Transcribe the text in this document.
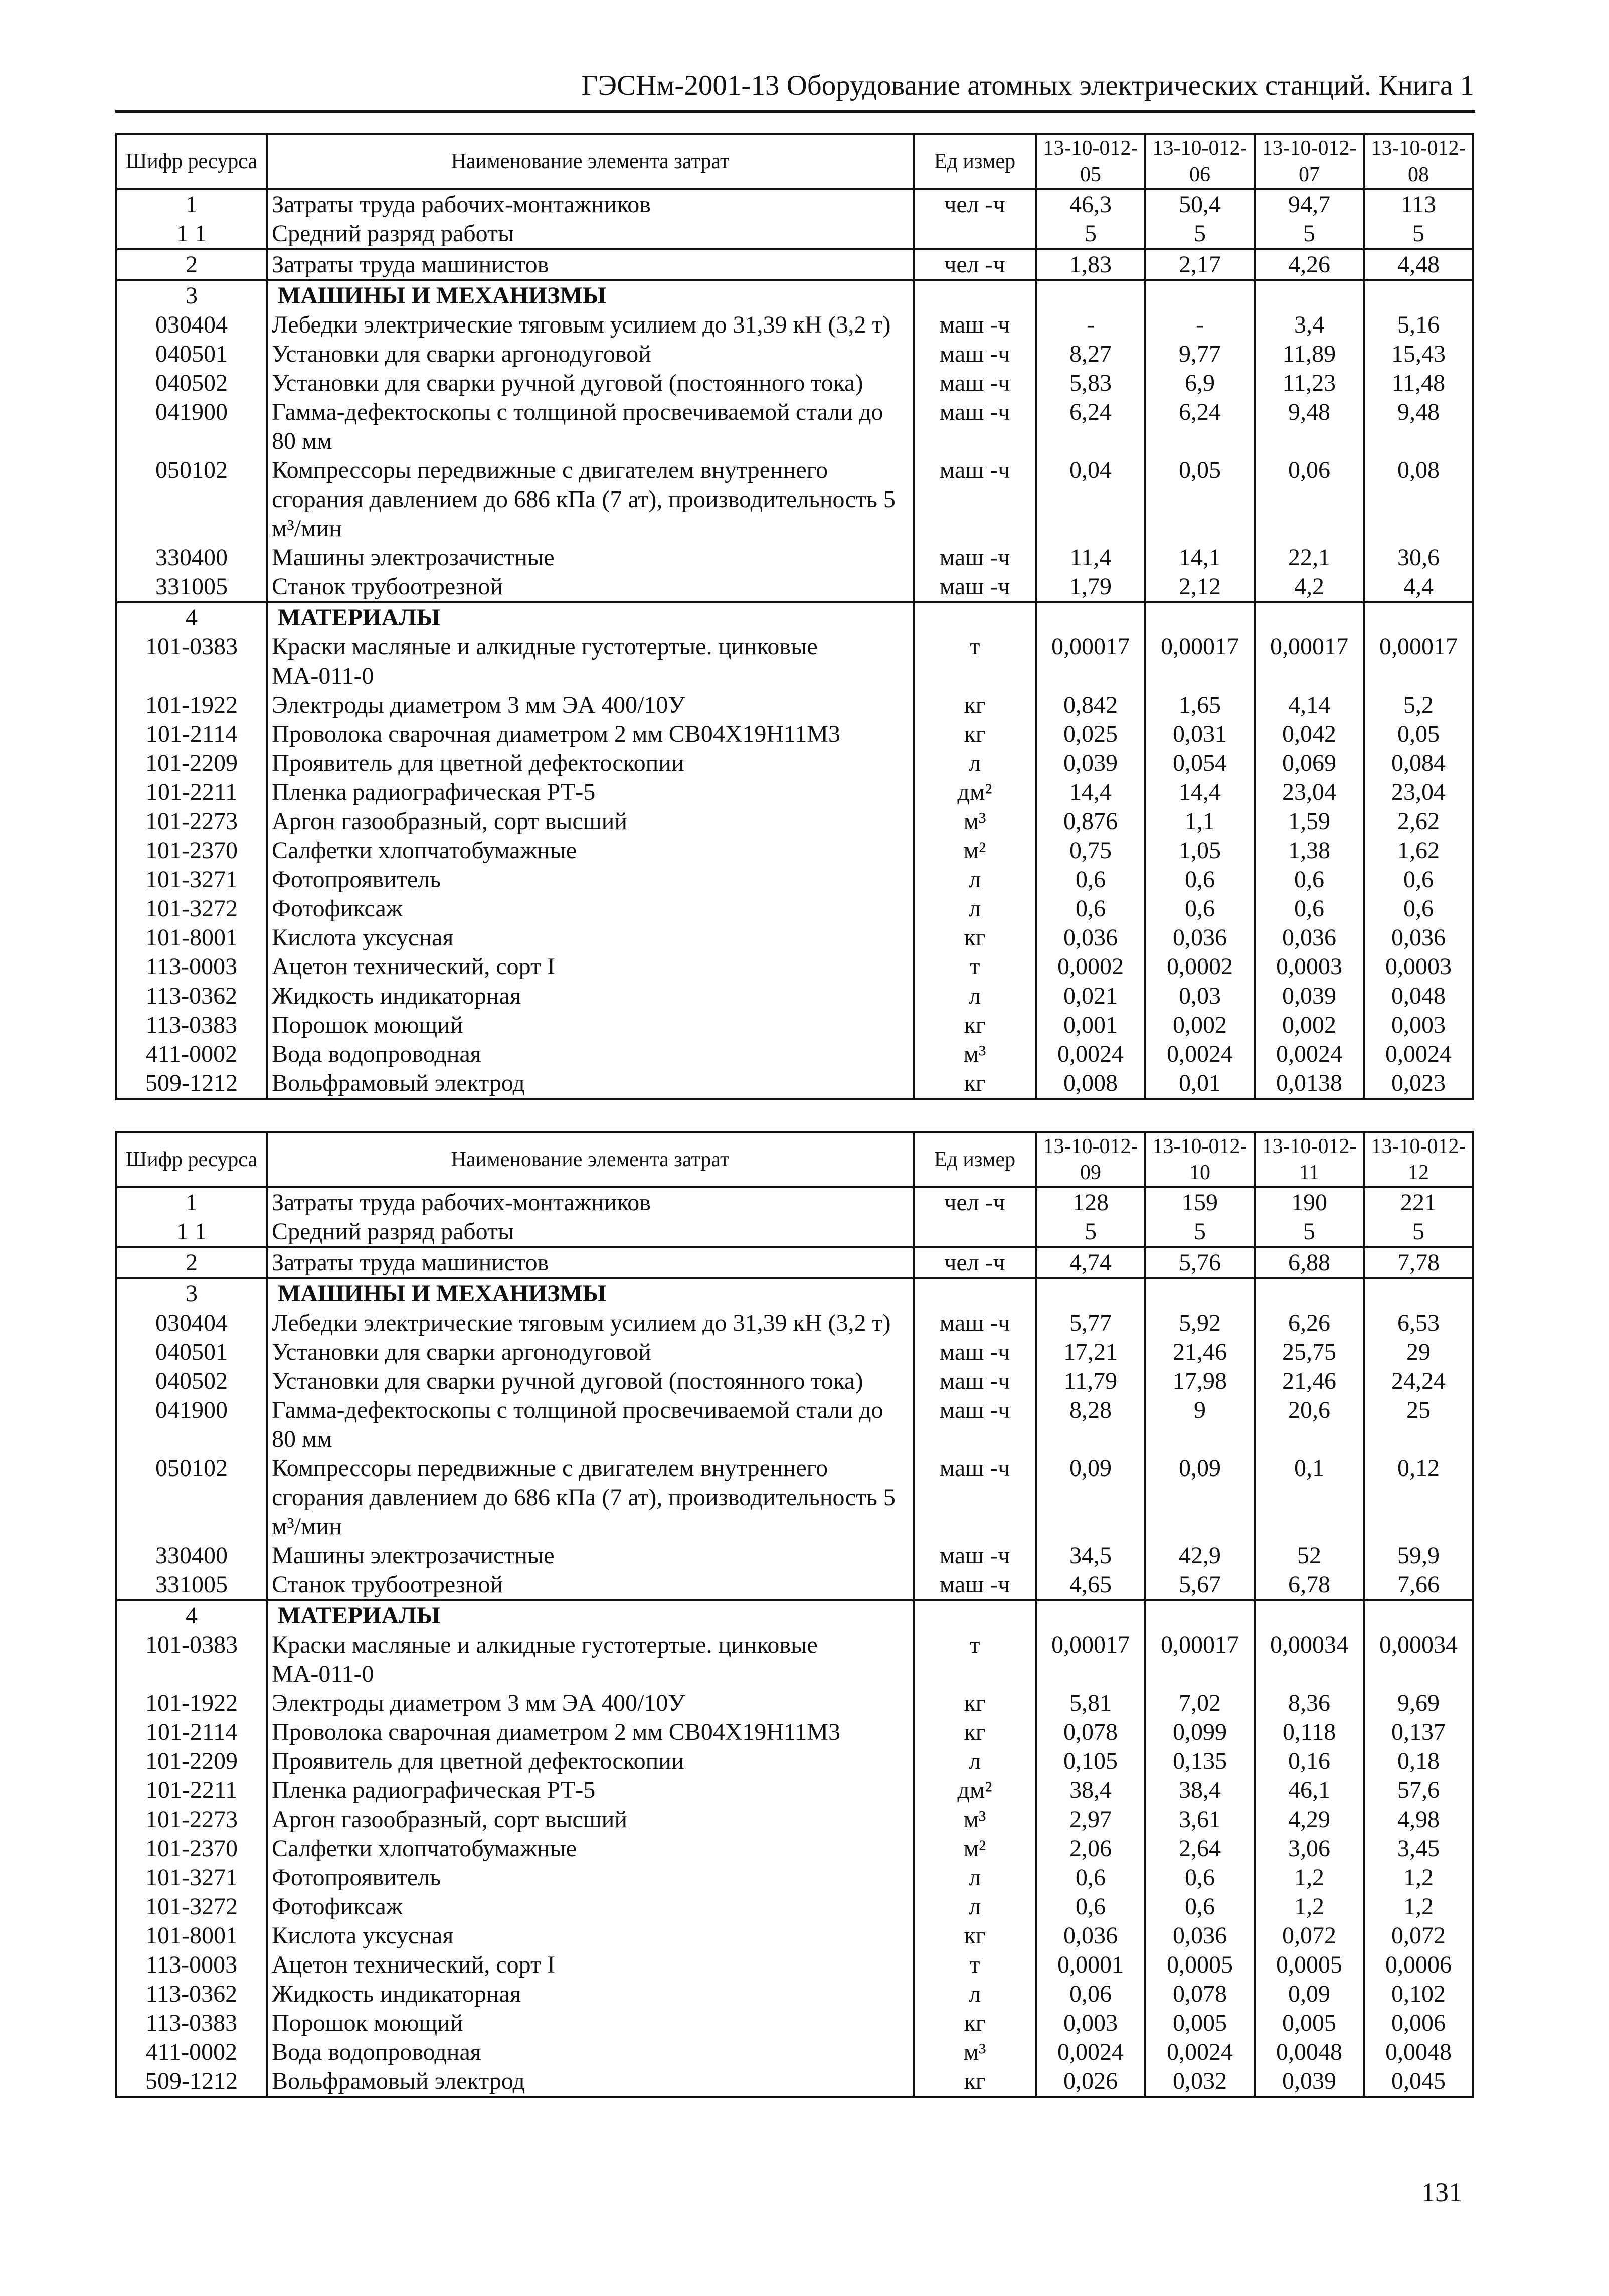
ГЭСНм-2001-13 Оборудование атомных электрических станций. Книга 1
Шифр ресурса	Наименование элемента затрат	Ед измер	13-10-012-05	13-10-012-06	13-10-012-07	13-10-012-08
1	Затраты труда рабочих-монтажников	чел -ч	46,3	50,4	94,7	113
1 1	Средний разряд работы		5	5	5	5
2	Затраты труда машинистов	чел -ч	1,83	2,17	4,26	4,48
3	МАШИНЫ И МЕХАНИЗМЫ					
030404	Лебедки электрические тяговым усилием до 31,39 кН (3,2 т)	маш -ч	-	-	3,4	5,16
040501	Установки для сварки аргонодуговой	маш -ч	8,27	9,77	11,89	15,43
040502	Установки для сварки ручной дуговой (постоянного тока)	маш -ч	5,83	6,9	11,23	11,48
041900	Гамма-дефектоскопы с толщиной просвечиваемой стали до 80 мм	маш -ч	6,24	6,24	9,48	9,48
050102	Компрессоры передвижные с двигателем внутреннего сгорания давлением до 686 кПа (7 ат), производительность 5 м³/мин	маш -ч	0,04	0,05	0,06	0,08
330400	Машины электрозачистные	маш -ч	11,4	14,1	22,1	30,6
331005	Станок трубоотрезной	маш -ч	1,79	2,12	4,2	4,4
4	МАТЕРИАЛЫ					
101-0383	Краски масляные и алкидные густотертые. цинковые МА-011-0	т	0,00017	0,00017	0,00017	0,00017
101-1922	Электроды диаметром 3 мм ЭА 400/10У	кг	0,842	1,65	4,14	5,2
101-2114	Проволока сварочная диаметром 2 мм СВ04Х19Н11М3	кг	0,025	0,031	0,042	0,05
101-2209	Проявитель для цветной дефектоскопии	л	0,039	0,054	0,069	0,084
101-2211	Пленка радиографическая РТ-5	дм²	14,4	14,4	23,04	23,04
101-2273	Аргон газообразный, сорт высший	м³	0,876	1,1	1,59	2,62
101-2370	Салфетки хлопчатобумажные	м²	0,75	1,05	1,38	1,62
101-3271	Фотопроявитель	л	0,6	0,6	0,6	0,6
101-3272	Фотофиксаж	л	0,6	0,6	0,6	0,6
101-8001	Кислота уксусная	кг	0,036	0,036	0,036	0,036
113-0003	Ацетон технический, сорт I	т	0,0002	0,0002	0,0003	0,0003
113-0362	Жидкость индикаторная	л	0,021	0,03	0,039	0,048
113-0383	Порошок моющий	кг	0,001	0,002	0,002	0,003
411-0002	Вода водопроводная	м³	0,0024	0,0024	0,0024	0,0024
509-1212	Вольфрамовый электрод	кг	0,008	0,01	0,0138	0,023
Шифр ресурса	Наименование элемента затрат	Ед измер	13-10-012-09	13-10-012-10	13-10-012-11	13-10-012-12
1	Затраты труда рабочих-монтажников	чел -ч	128	159	190	221
1 1	Средний разряд работы		5	5	5	5
2	Затраты труда машинистов	чел -ч	4,74	5,76	6,88	7,78
3	МАШИНЫ И МЕХАНИЗМЫ					
030404	Лебедки электрические тяговым усилием до 31,39 кН (3,2 т)	маш -ч	5,77	5,92	6,26	6,53
040501	Установки для сварки аргонодуговой	маш -ч	17,21	21,46	25,75	29
040502	Установки для сварки ручной дуговой (постоянного тока)	маш -ч	11,79	17,98	21,46	24,24
041900	Гамма-дефектоскопы с толщиной просвечиваемой стали до 80 мм	маш -ч	8,28	9	20,6	25
050102	Компрессоры передвижные с двигателем внутреннего сгорания давлением до 686 кПа (7 ат), производительность 5 м³/мин	маш -ч	0,09	0,09	0,1	0,12
330400	Машины электрозачистные	маш -ч	34,5	42,9	52	59,9
331005	Станок трубоотрезной	маш -ч	4,65	5,67	6,78	7,66
4	МАТЕРИАЛЫ					
101-0383	Краски масляные и алкидные густотертые. цинковые МА-011-0	т	0,00017	0,00017	0,00034	0,00034
101-1922	Электроды диаметром 3 мм ЭА 400/10У	кг	5,81	7,02	8,36	9,69
101-2114	Проволока сварочная диаметром 2 мм СВ04Х19Н11М3	кг	0,078	0,099	0,118	0,137
101-2209	Проявитель для цветной дефектоскопии	л	0,105	0,135	0,16	0,18
101-2211	Пленка радиографическая РТ-5	дм²	38,4	38,4	46,1	57,6
101-2273	Аргон газообразный, сорт высший	м³	2,97	3,61	4,29	4,98
101-2370	Салфетки хлопчатобумажные	м²	2,06	2,64	3,06	3,45
101-3271	Фотопроявитель	л	0,6	0,6	1,2	1,2
101-3272	Фотофиксаж	л	0,6	0,6	1,2	1,2
101-8001	Кислота уксусная	кг	0,036	0,036	0,072	0,072
113-0003	Ацетон технический, сорт I	т	0,0001	0,0005	0,0005	0,0006
113-0362	Жидкость индикаторная	л	0,06	0,078	0,09	0,102
113-0383	Порошок моющий	кг	0,003	0,005	0,005	0,006
411-0002	Вода водопроводная	м³	0,0024	0,0024	0,0048	0,0048
509-1212	Вольфрамовый электрод	кг	0,026	0,032	0,039	0,045
131
